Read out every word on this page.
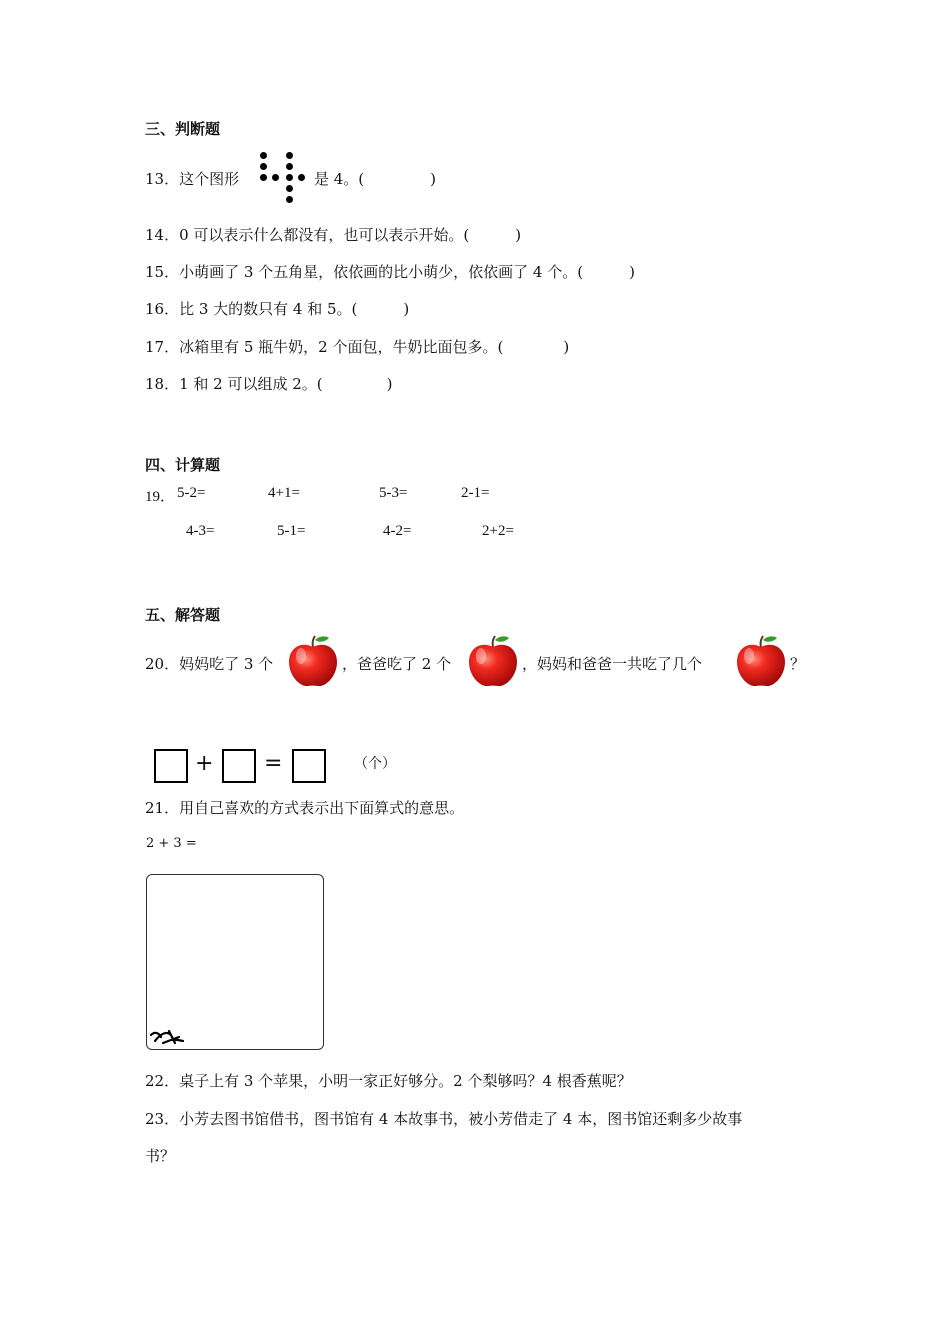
三、判断题
13．这个图形	是 4。(	)
14．0 可以表示什么都没有，也可以表示开始。(	)
15．小萌画了 3 个五角星，依依画的比小萌少，依依画了 4 个。(	)
16．比 3 大的数只有 4 和 5。(	)
17．冰箱里有 5 瓶牛奶，2 个面包，牛奶比面包多。(	)
18．1 和 2 可以组成 2。(	)
四、计算题
19． 5-2=	4+1=	5-3=	2-1=
4-3=	5-1=	4-2=	2+2=
五、解答题
20．妈妈吃了 3 个	，爸爸吃了 2 个	，妈妈和爸爸一共吃了几个	？
+ =	（个）
21．用自己喜欢的方式表示出下面算式的意思。
2 + 3 =
22．桌子上有 3 个苹果，小明一家正好够分。2 个梨够吗？4 根香蕉呢？
23．小芳去图书馆借书，图书馆有 4 本故事书，被小芳借走了 4 本，图书馆还剩多少故事
书？
